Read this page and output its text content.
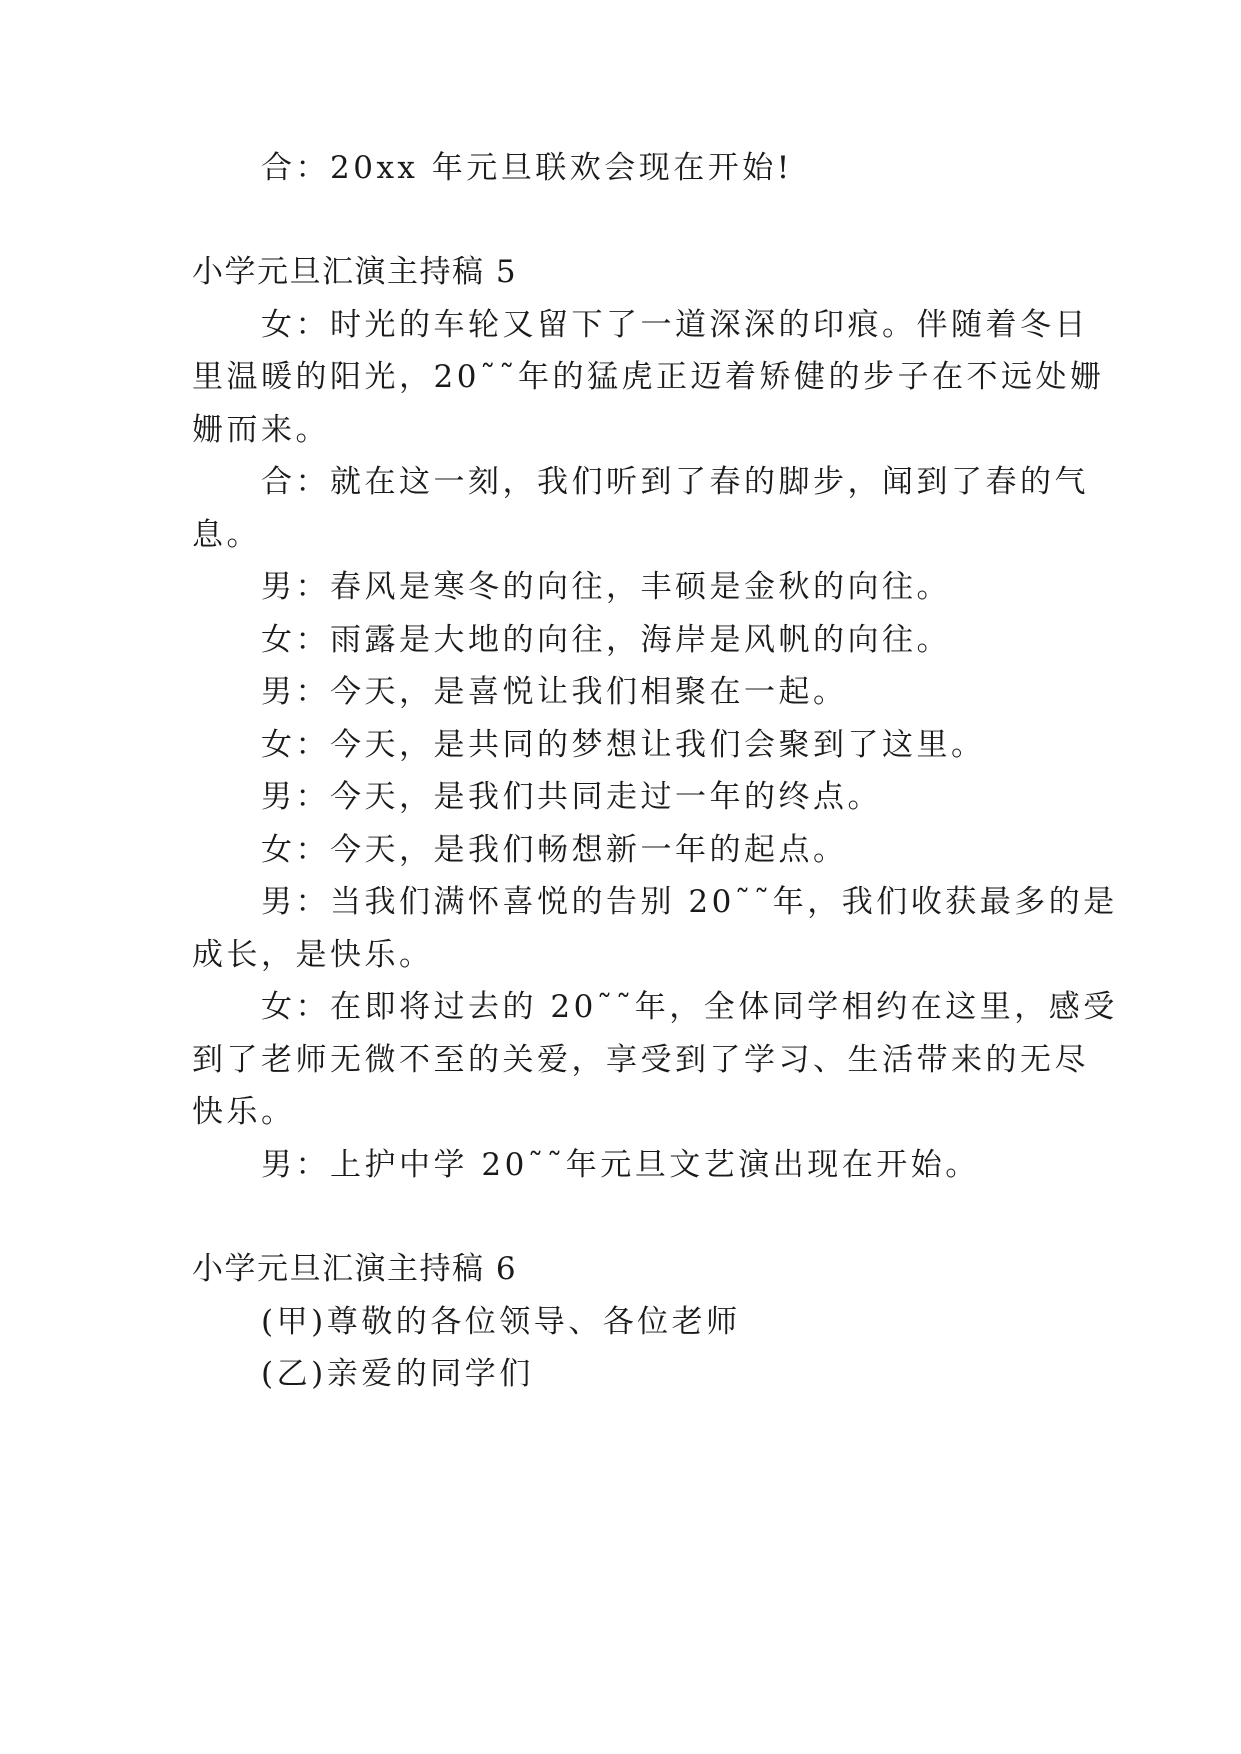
合：20xx 年元旦联欢会现在开始!
小学元旦汇演主持稿 5
女：时光的车轮又留下了一道深深的印痕。伴随着冬日
里温暖的阳光，20˜˜年的猛虎正迈着矫健的步子在不远处姗
姗而来。
合：就在这一刻，我们听到了春的脚步，闻到了春的气
息。
男：春风是寒冬的向往，丰硕是金秋的向往。
女：雨露是大地的向往，海岸是风帆的向往。
男：今天，是喜悦让我们相聚在一起。
女：今天，是共同的梦想让我们会聚到了这里。
男：今天，是我们共同走过一年的终点。
女：今天，是我们畅想新一年的起点。
男：当我们满怀喜悦的告别 20˜˜年，我们收获最多的是
成长，是快乐。
女：在即将过去的 20˜˜年，全体同学相约在这里，感受
到了老师无微不至的关爱，享受到了学习、生活带来的无尽
快乐。
男：上护中学 20˜˜年元旦文艺演出现在开始。
小学元旦汇演主持稿 6
(甲)尊敬的各位领导、各位老师
(乙)亲爱的同学们
